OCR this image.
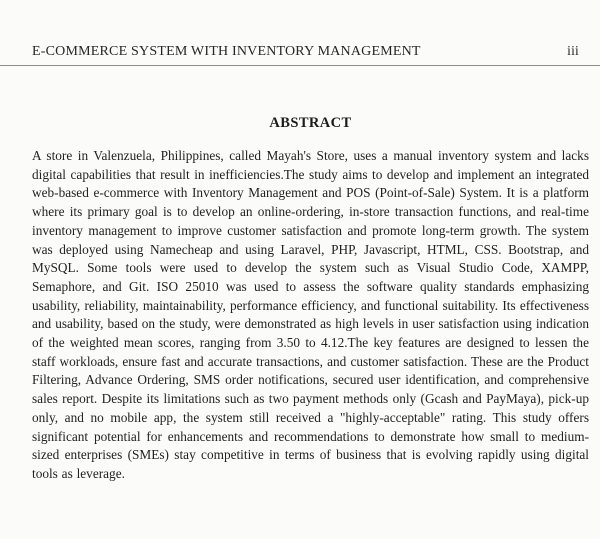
E-COMMERCE SYSTEM WITH INVENTORY MANAGEMENT	iii
ABSTRACT

A store in Valenzuela, Philippines, called Mayah's Store, uses a manual inventory system and lacks digital capabilities that result in inefficiencies.The study aims to develop and implement an integrated web-based e-commerce with Inventory Management and POS (Point-of-Sale) System. It is a platform where its primary goal is to develop an online-ordering, in-store transaction functions, and real-time inventory management to improve customer satisfaction and promote long-term growth. The system was deployed using Namecheap and using Laravel, PHP, Javascript, HTML, CSS. Bootstrap, and MySQL. Some tools were used to develop the system such as Visual Studio Code, XAMPP, Semaphore, and Git. ISO 25010 was used to assess the software quality standards emphasizing usability, reliability, maintainability, performance efficiency, and functional suitability. Its effectiveness and usability, based on the study, were demonstrated as high levels in user satisfaction using indication of the weighted mean scores, ranging from 3.50 to 4.12.The key features are designed to lessen the staff workloads, ensure fast and accurate transactions, and customer satisfaction. These are the Product Filtering, Advance Ordering, SMS order notifications, secured user identification, and comprehensive sales report. Despite its limitations such as two payment methods only (Gcash and PayMaya), pick-up only, and no mobile app, the system still received a "highly-acceptable" rating. This study offers significant potential for enhancements and recommendations to demonstrate how small to medium-sized enterprises (SMEs) stay competitive in terms of business that is evolving rapidly using digital tools as leverage.
